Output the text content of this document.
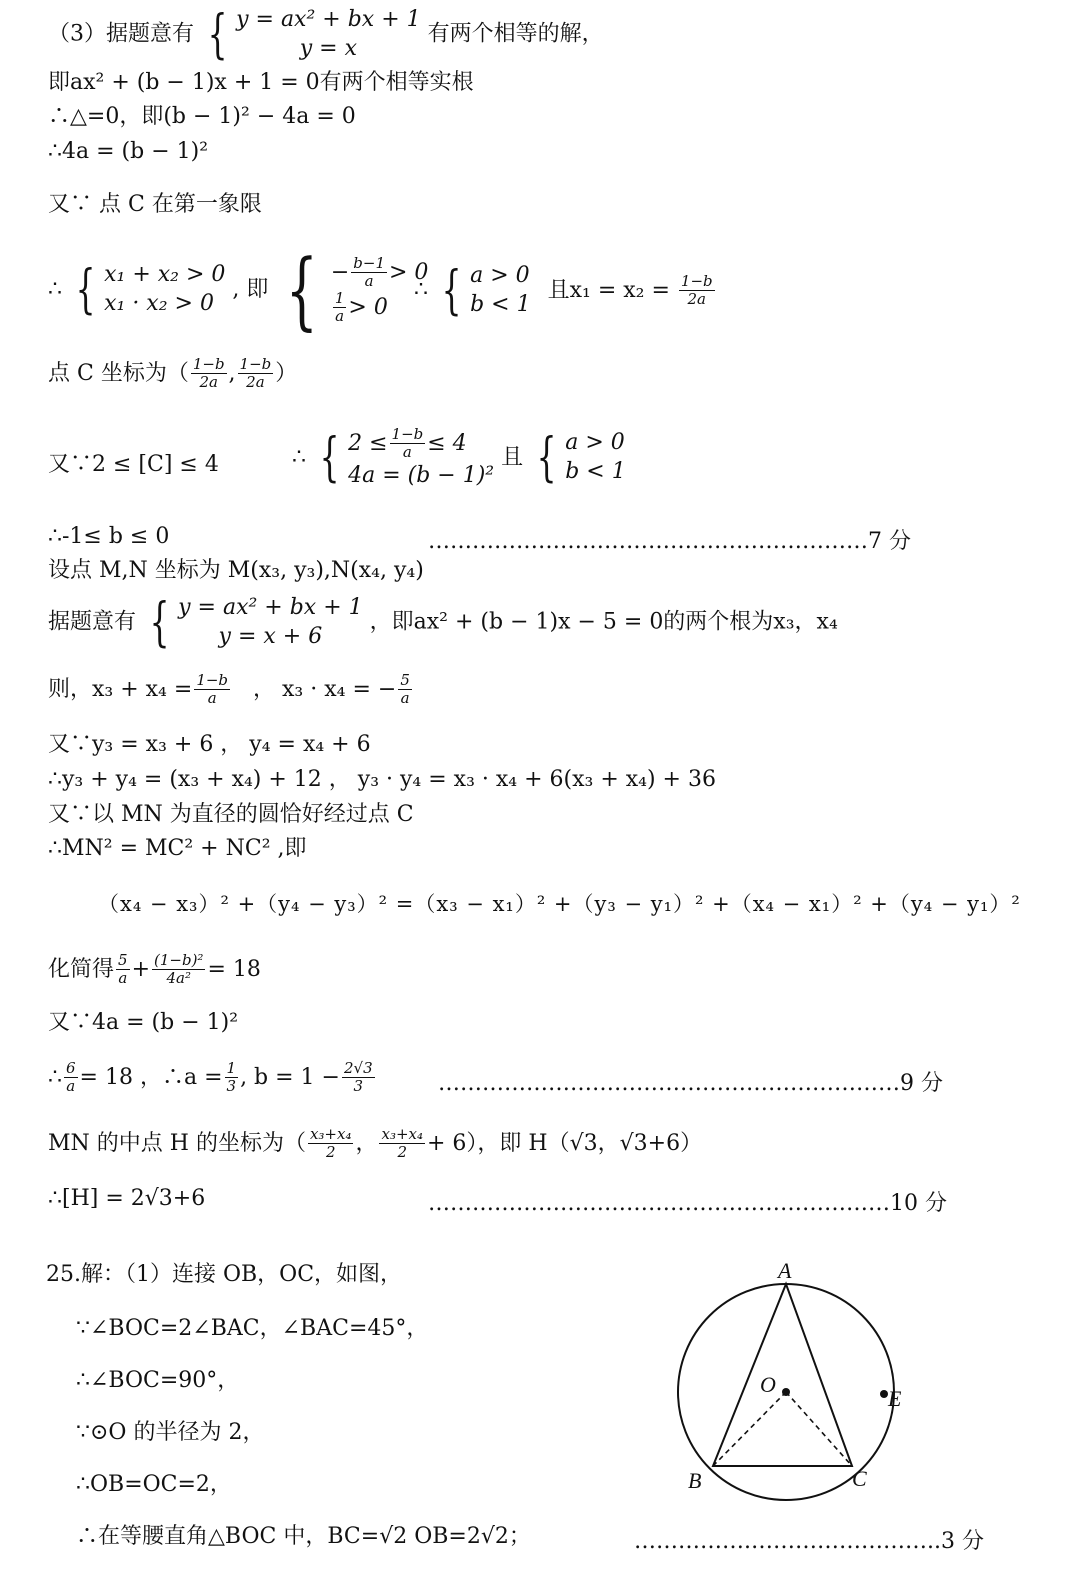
（3）据题意有 { y = ax² + bx + 1
y = x
有两个相等的解，
即ax² + (b − 1)x + 1 = 0有两个相等实根
∴△=0，即(b − 1)² − 4a = 0
∴4a = (b − 1)²
又∵ 点 C 在第一象限
∴ { x₁ + x₂ > 0
x₁ · x₂ > 0
, 即 { − $\frac{b-1}{a} > 0$
$\frac{1}{a} > 0$
∴ { a > 0
b < 1
且$x_1 = x_2 = \frac{1-b}{2a}$
点 C 坐标为（ $\frac{1-b}{2a}$ , $\frac{1-b}{2a}$ ）
又∵2 ≤ [C] ≤ 4	∴ { $2 \le \frac{1-b}{a} \le 4$
4a = (b − 1)²
且 { a > 0
b < 1
∴-1≤ b ≤ 0	……………………………………………………7 分
设点 M,N 坐标为 M(x₃, y₃),N(x₄, y₄)
据题意有 { y = ax² + bx + 1
y = x + 6
，即ax² + (b − 1)x − 5 = 0的两个根为x₃，x₄
则，$x_3 + x_4 = \frac{1-b}{a}$ ， x₃ · x₄ = − $\frac{5}{a}$
又∵y₃ = x₃ + 6 ， y₄ = x₄ + 6
∴y₃ + y₄ = (x₃ + x₄) + 12 ， y₃ · y₄ = x₃ · x₄ + 6(x₃ + x₄) + 36
又∵以 MN 为直径的圆恰好经过点 C
∴MN² = MC² + NC² ,即
（x₄ − x₃）² +（y₄ − y₃）² =（x₃ − x₁）² +（y₃ − y₁）² +（x₄ − x₁）² +（y₄ − y₁）²
化简得 $\frac{5}{a} + \frac{\text{(1−b)²}}{\text{4a²}} = 18$
又∵4a = (b − 1)²
∴ $\frac{6}{a} = 18$ ，∴a = $\frac{1}{3}$ , $b = 1 - \frac{2√3}{3}$	………………………………………………………9 分
MN 的中点 H 的坐标为（ $\frac{\text{x₃+x₄}}{2}$ ， $\frac{\text{x₃+x₄}}{2} + 6$），即 H（√3，√3+6）
∴[H] = 2√3+6	………………………………………………………10 分
25.解：（1）连接 OB，OC，如图，
∵∠BOC=2∠BAC，∠BAC=45°，
∴∠BOC=90°，
∵⊙O 的半径为 2，
∴OB=OC=2，
∴在等腰直角△BOC 中，BC=√2 OB=2√2；	…………….……………………..3 分
A
O
E
B	C
